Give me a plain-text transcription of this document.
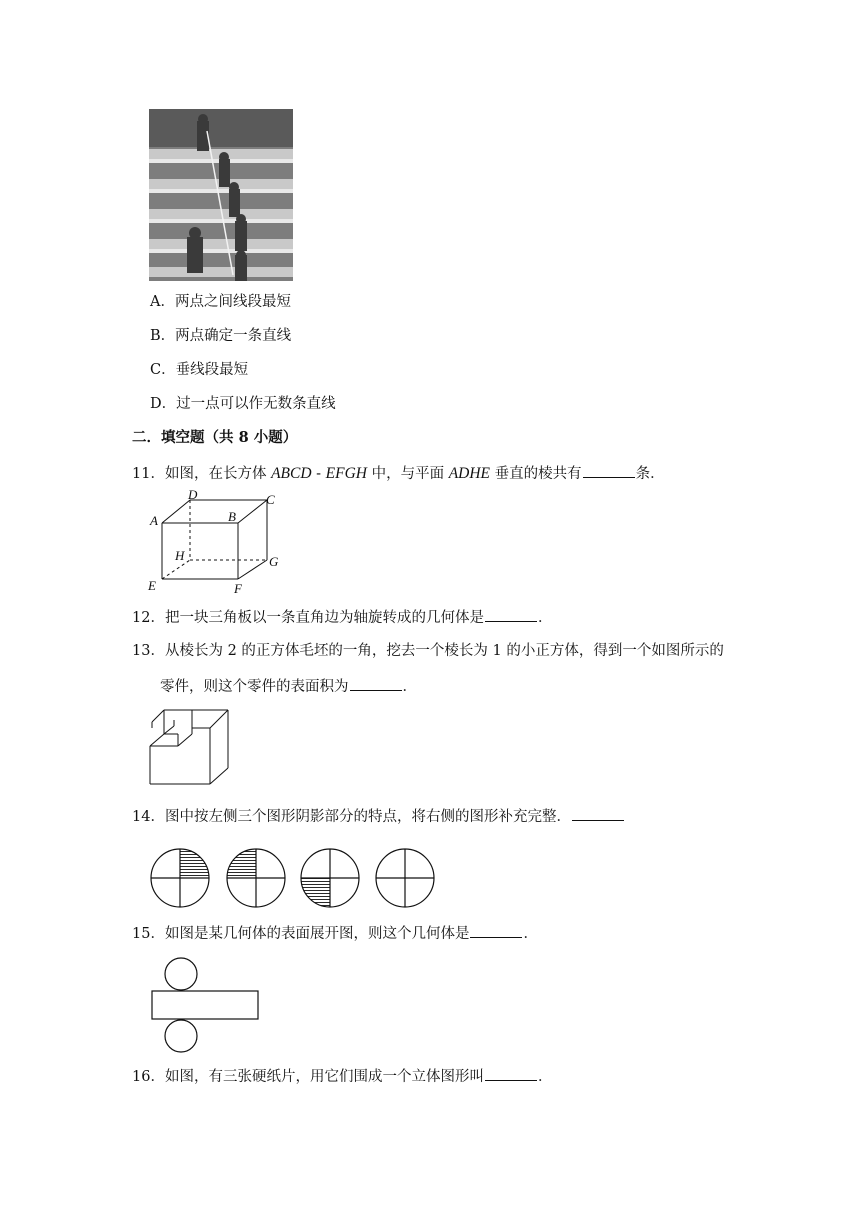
A．两点之间线段最短
B．两点确定一条直线
C．垂线段最短
D．过一点可以作无数条直线
二．填空题（共 8 小题）
11．如图，在长方体 ABCD ‑ EFGH 中，与平面 ADHE 垂直的棱共有	条．
A	B
C
D
E	F
G
H
12．把一块三角板以一条直角边为轴旋转成的几何体是	．
13．从棱长为 2 的正方体毛坯的一角，挖去一个棱长为 1 的小正方体，得到一个如图所示的
零件，则这个零件的表面积为	．
14．图中按左侧三个图形阴影部分的特点，将右侧的图形补充完整．
15．如图是某几何体的表面展开图，则这个几何体是	．
16．如图，有三张硬纸片，用它们围成一个立体图形叫	．
